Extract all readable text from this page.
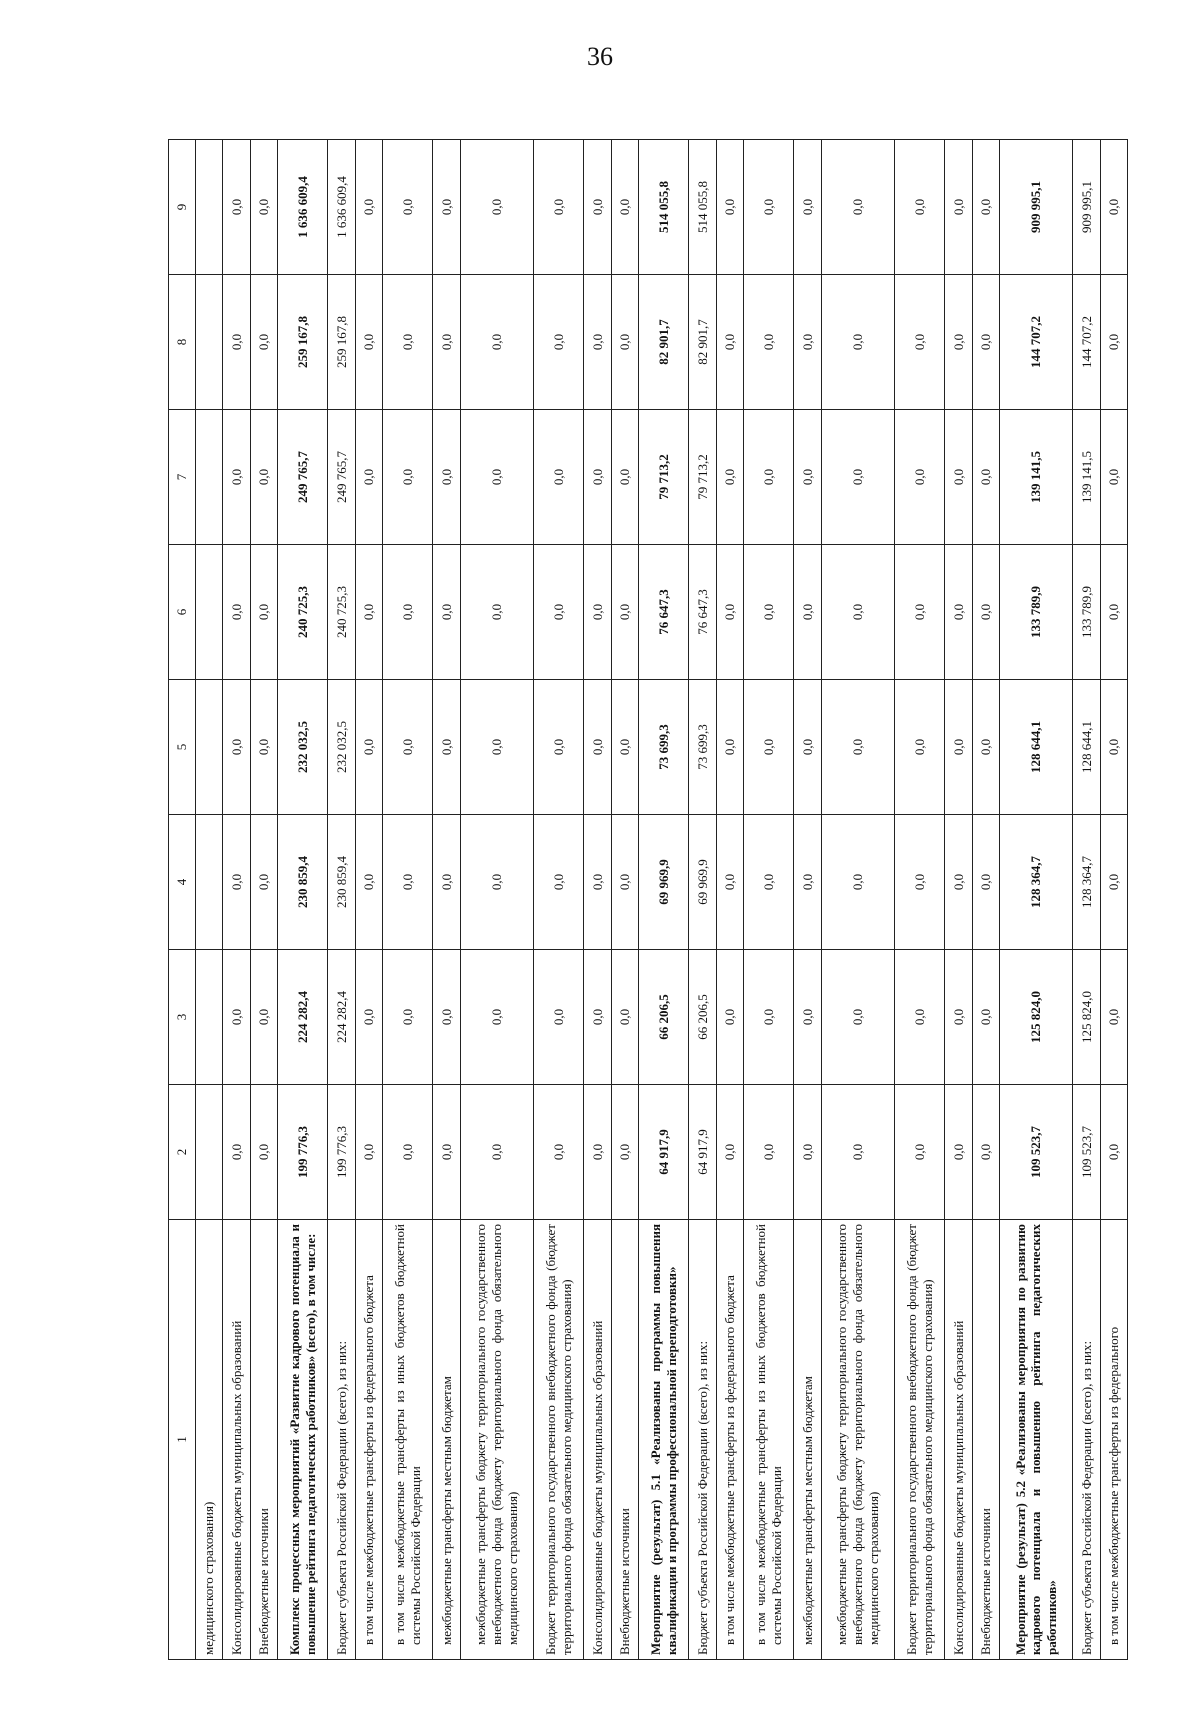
36
1	2	3	4	5	6	7	8	9
медицинского страхования)								
Консолидированные бюджеты муниципальных образований	0,0	0,0	0,0	0,0	0,0	0,0	0,0	0,0
Внебюджетные источники	0,0	0,0	0,0	0,0	0,0	0,0	0,0	0,0
Комплекс процессных мероприятий «Развитие кадрового потенциала и повышение рейтинга педагогических работников» (всего), в том числе:	199 776,3	224 282,4	230 859,4	232 032,5	240 725,3	249 765,7	259 167,8	1 636 609,4
Бюджет субъекта Российской Федерации (всего), из них:	199 776,3	224 282,4	230 859,4	232 032,5	240 725,3	249 765,7	259 167,8	1 636 609,4
в том числе межбюджетные трансферты из федерального бюджета	0,0	0,0	0,0	0,0	0,0	0,0	0,0	0,0
в том числе межбюджетные трансферты из иных бюджетов бюджетной системы Российской Федерации	0,0	0,0	0,0	0,0	0,0	0,0	0,0	0,0
межбюджетные трансферты местным бюджетам	0,0	0,0	0,0	0,0	0,0	0,0	0,0	0,0
межбюджетные трансферты бюджету территориального государственного внебюджетного фонда (бюджету территориального фонда обязательного медицинского страхования)	0,0	0,0	0,0	0,0	0,0	0,0	0,0	0,0
Бюджет территориального государственного внебюджетного фонда (бюджет территориального фонда обязательного медицинского страхования)	0,0	0,0	0,0	0,0	0,0	0,0	0,0	0,0
Консолидированные бюджеты муниципальных образований	0,0	0,0	0,0	0,0	0,0	0,0	0,0	0,0
Внебюджетные источники	0,0	0,0	0,0	0,0	0,0	0,0	0,0	0,0
Мероприятие (результат) 5.1 «Реализованы программы повышения квалификации и программы профессиональной переподготовки»	64 917,9	66 206,5	69 969,9	73 699,3	76 647,3	79 713,2	82 901,7	514 055,8
Бюджет субъекта Российской Федерации (всего), из них:	64 917,9	66 206,5	69 969,9	73 699,3	76 647,3	79 713,2	82 901,7	514 055,8
в том числе межбюджетные трансферты из федерального бюджета	0,0	0,0	0,0	0,0	0,0	0,0	0,0	0,0
в том числе межбюджетные трансферты из иных бюджетов бюджетной системы Российской Федерации	0,0	0,0	0,0	0,0	0,0	0,0	0,0	0,0
межбюджетные трансферты местным бюджетам	0,0	0,0	0,0	0,0	0,0	0,0	0,0	0,0
межбюджетные трансферты бюджету территориального государственного внебюджетного фонда (бюджету территориального фонда обязательного медицинского страхования)	0,0	0,0	0,0	0,0	0,0	0,0	0,0	0,0
Бюджет территориального государственного внебюджетного фонда (бюджет территориального фонда обязательного медицинского страхования)	0,0	0,0	0,0	0,0	0,0	0,0	0,0	0,0
Консолидированные бюджеты муниципальных образований	0,0	0,0	0,0	0,0	0,0	0,0	0,0	0,0
Внебюджетные источники	0,0	0,0	0,0	0,0	0,0	0,0	0,0	0,0
Мероприятие (результат) 5.2 «Реализованы мероприятия по развитию кадрового потенциала и повышению рейтинга педагогических работников»	109 523,7	125 824,0	128 364,7	128 644,1	133 789,9	139 141,5	144 707,2	909 995,1
Бюджет субъекта Российской Федерации (всего), из них:	109 523,7	125 824,0	128 364,7	128 644,1	133 789,9	139 141,5	144 707,2	909 995,1
в том числе межбюджетные трансферты из федерального	0,0	0,0	0,0	0,0	0,0	0,0	0,0	0,0
